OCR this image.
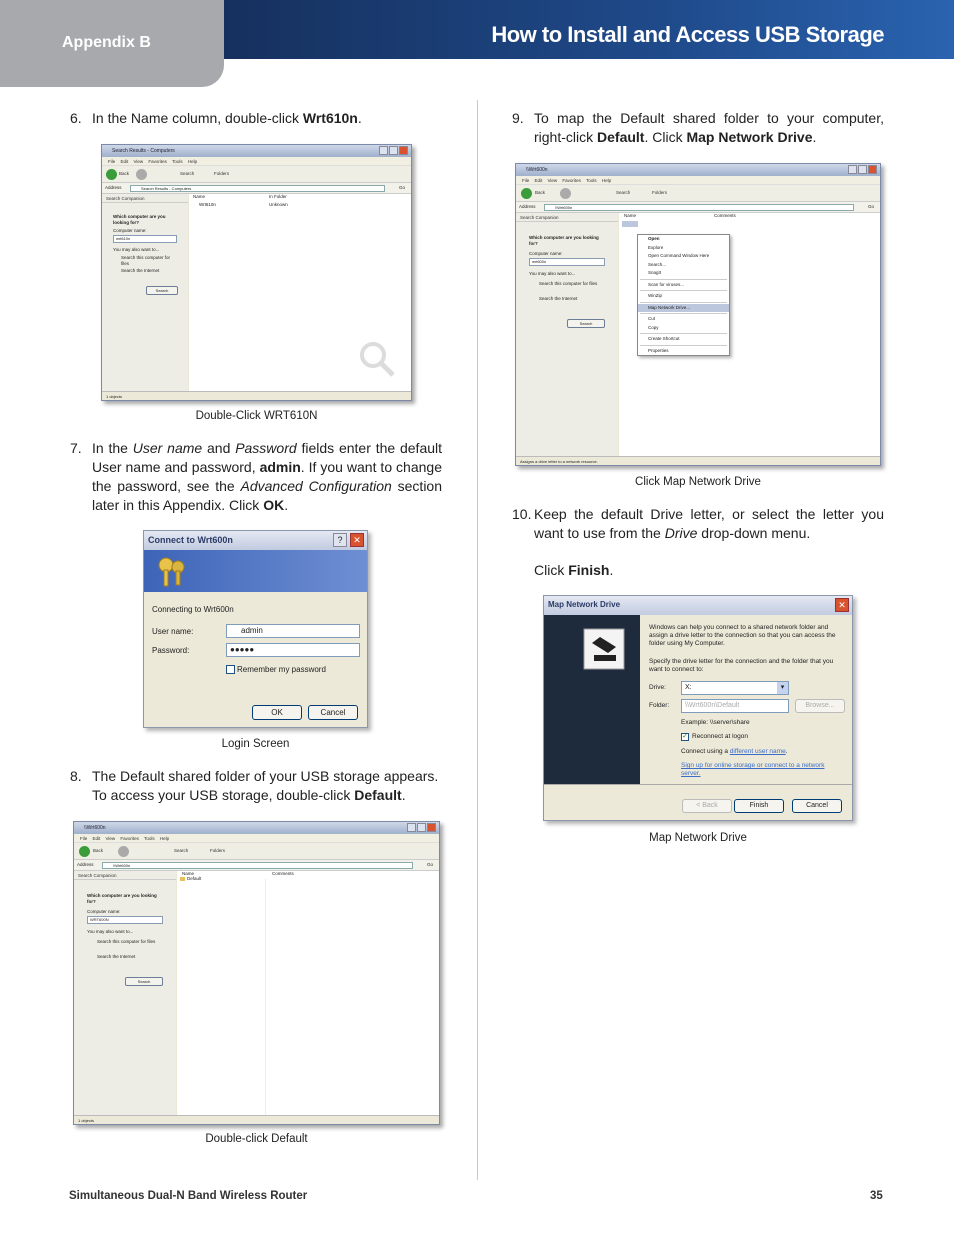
Appendix B	How to Install and Access USB Storage
6. In the Name column, double-click Wrt610n.
Search Results - Computers
File Edit View Favorites Tools Help
Back	Search	Folders
Address	Search Results - Computers	Go
Search Companion
Which computer are you looking for?
Computer name:
wrt610n
You may also want to...
Search this computer for files
Search the Internet
Search
Name	In Folder
Wrt610n	Unknown
1 objects
Double-Click WRT610N
7. In the User name and Password fields enter the default User name and password, admin. If you want to change the password, see the Advanced Configuration section later in this Appendix. Click OK.
Connect to Wrt600n	?	✕
Connecting to Wrt600n
User name:	admin
Password:	●●●●●
Remember my password
OK	Cancel
Login Screen
8. The Default shared folder of your USB storage appears. To access your USB storage, double-click Default.
\\Wrt600n
File Edit View Favorites Tools Help
Back	Search	Folders
Address	\\Wrt600n	Go
Search Companion
Which computer are you looking for?
Computer name:
WRT600N
You may also want to...
Search this computer for files
Search the Internet
Search
Name	Comments
Default
1 objects
Double-click Default
9. To map the Default shared folder to your computer, right-click Default. Click Map Network Drive.
\\Wrt600n
File Edit View Favorites Tools Help
Back	Search	Folders
Address	\\Wrt600n	Go
Search Companion
Which computer are you looking for?
Computer name:
wrt600n
You may also want to...
Search this computer for files
Search the Internet
Search
Name	Comments
Open
Explore
Open Command Window Here
Search...
SnagIt
Scan for viruses...
WinZip
Map Network Drive...
Cut
Copy
Create Shortcut
Properties
Assigns a drive letter to a network resource.
Click Map Network Drive
10. Keep the default Drive letter, or select the letter you want to use from the Drive drop-down menu.
Click Finish.
Map Network Drive	✕
Windows can help you connect to a shared network folder and assign a drive letter to the connection so that you can access the folder using My Computer.
Specify the drive letter for the connection and the folder that you want to connect to:
Drive:	X:	▾
Folder:	\\Wrt600n\Default	Browse...
Example: \\server\share
✓ Reconnect at logon
Connect using a different user name.
Sign up for online storage or connect to a network server.
< Back	Finish	Cancel
Map Network Drive
Simultaneous Dual-N Band Wireless Router	35
